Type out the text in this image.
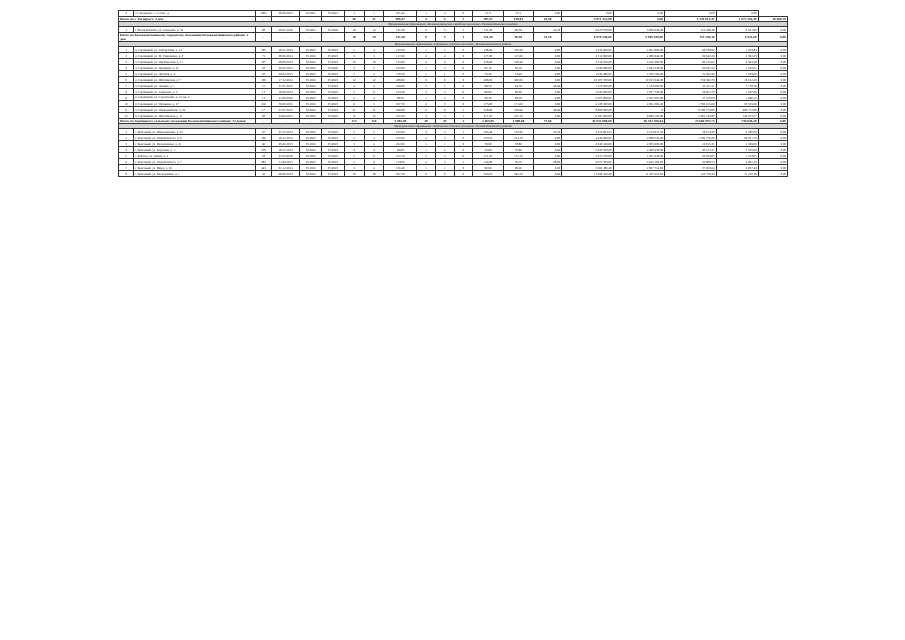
4	ст. Андреево, с. 2, пенс. д.	1963	09.09.2015	IV.2021	IV.2021	-1	1	471,42	1	4	0	51,9	53,1	0,00	0,00	0,00	0,00	0,00	
Итого по г. Таганрогу: 4 дом		-	-	-	-	46	31	906,47	4	5	1	187,51	158,81	18,38	4 971 314,00	0,00	5 129 013,47	1 672 102,49	40 686,79
Муниципальное образование «Белокалитвинское городское поселение» Белокалитвинского района																			
1	г. Белая Калитва, ул. Суворова, д. 54	08	20.01.2016	IV.2021	IV.2020	18	10	131,30	6	5	1	131,30	90,50	32,18	6 070 530,00	5 956 930,00	113 248,36	6 521,60	0,00
Итого по Белокалитвинскому городскому поселению Белокалитвинского района: 1 дом		-	-	-	-	18	10	131,30	6	5	1	131,30	90,50	32,18	6 070 530,00	5 956 930,00	113 248,36	6 521,60	0,00
Муниципальное образование «Горняцкое сельское поселение» Белокалитвинского района																			
1	п. Горняцкий, ул. Аппаратная, д. 12	305	29.11.2014	IV.2022	IV.2023	5	3	150,20	1	2	0	148,40	136,40	0,00	3 345 000,00	2 661 800,00	66 539,92	1 923,84	0,00
2	п. Горняцкий, ул. М. Тимошина, д. 8	71	08.09.2014	IV.2022	IV.2023	5	3	117,60	2	2	0	117,60	117,60	0,00	2 312 900,00	2 286 946,00	69 642,29	2 302,25	0,00
3	п. Горняцкий, ул. Октябрьская, д. 11	107	08.08.2014	IV.2022	IV.2023	16	16	125,60	4	4	0	218,40	218,40	0,00	4 110 240,00	4 242 360,00	82 125,62	4 581,98	0,00
4	п. Горняцкий, ул. Пушкина, д. 22	10	20.02.2015	IV.2022	IV.2020	2	7	165,80	1	2	0	85,10	85,10	0,00	3 046 960,00	2 944 336,00	39 937,24	1 192,61	0,00
5	п. Горняцкий, ул. Луговая, д. 9	25	09.02.2015	IV.2022	IV.2023	2	2	178,10	1	1	0	74,40	74,40	0,00	1 040 480,00	1 035 704,00	31 592,40	1 183,60	0,00
6	п. Горняцкий, ул. Шахтинская, д. 7	199	17.12.2014	IV.2022	IV.2023	12	12	438,00	6	6	0	408,50	408,50	0,00	10 507 700,00	10 315 946,00	334 562,70	18 012,29	0,00
7	п. Горняцкий, ул. Ленина, д. 1	15	27.01.2015	IV.2022	IV.2023	4	4	236,60	3	1	0	88,70	44,70	44,00	1 174 000,00	1 143 000,00	35 311,11	1 178,56	0,00
8	п. Горняцкий, ул. Андреева, д. 3	11	30.09.2014	IV.2022	IV.2023	5	6	104,20	3	3	0	80,90	80,90	0,00	2 045 900,00	2 037 726,00	59 657,79	1 947,66	0,00
9	п. Горняцкий, ул. Строителей, д. 13, кв. 4	11	21.09.2016	IV.2022	IV.2023	2	2	99,30	1	2	0	99,30	99,30	0,00	2 507 000,00	2 497 665,00	37 315,00	1 660,12	0,00
10	п. Горняцкий, ул. Пушкина, д. 17	216	30.09.2015	IV.2022	IV.2023	6	5	227,70	4	5	0	173,00	171,00	0,00	4 128 300,00	2 691 392,45	1 766 915,69	95 525,06	0,00
11	п. Горняцкий, ул. Первомайская, д. 24	17	27.01.2015	IV.2022	IV.2023	21	21	330,60	9	9	1	326,60	230,90	46,00	8 890 900,00	0	8 709 770,00	466 772,88	0,00
12	п. Горняцкий, ул. Шахтинская, д. 11	65	24.09.2015	IV.2022	IV.2023	15	15	311,60	4	5	1	477,10	477,10	0,00	9 181 000,00	6 864 720,00	2 481 145,80	144 974,17	0,00
Итого по Горняцкому сельскому поселению Белокалитвинского района: 12 домов		-	-	-	-	113	116	2 585,40	49	43	2	2 465,09	1 908,08	77,60	42 932 968,00	40 342 106,64	23 660 997,13	749 826,26	0,00
Муниципальное образование «Коксовское сельское поселение» Белокалитвинского района																			
1	г. Коксовый, ул. Шерломанова, д. 25	47	07.12.2014	IV.2022	IV.2023	5	5	195,60	4	3	1	195,40	132,90	22,50	4 222 803,25	4 153 872,54	58 154,58	4 786,39	0,00
2	г. Коксовый, ул. Дзержинского, д. 9	106	29.11.2014	IV.2022	IV.2023	5	5	152,60	2	3	0	153,10	153,10	0,00	4 240 000,00	2 998 236,00	1 799 776,26	66 971,76	0,00
3	г. Коксовый, ул. Молодежная, д. 21	46	05.02.2015	IV.2022	IV.2023	3	2	222,00	1	1	0	78,80	78,80	0,00	2 040 416,00	2 035 900,00	10 615,31	1 340,06	0,00
4	г. Коксовый, ул. Трудовая, д. 1	376	26.11.2014	IV.2022	IV.2023	4	4	94,90	1	2	0	70,80	70,80	0,00	2 434 503,00	2 420 430,00	40 127,21	3 705,69	0,00
5	г. Рыбное, ул. Донец, д. 2	43	07.03.2016	IV.2022	IV.2023	5	6	272,10	2	3	0	171,10	171,10	0,00	2 513 700,00	2 361 430,00	65 034,85	1 553,65	0,00
6	г. Коксовый, ул. Дзержинского, д. 7	483	11.09.2015	IV.2022	IV.2023	5	6	114,90	2	3	1	144,90	76,70	68,00	4 073 303,00	4 042 160,00	30 868,53	4 901,16	0,00
7	г. Коксовый, ул. Мира, д. 16	443	01.12.2014	IV.2022	IV.2023	3	4	156,40	1	1	0	99,90	99,90	0,00	5 002 386,40	4 997 714,04	37 650,64	4 057,44	0,00
8	г. Коксовый, ул. Молодежная, д. 1	45	06.06.2014	IV.2022	IV.2023	18	18	207,30	9	9	0	345,10	345,10	0,00	11 299 410,40	11 255 441,85	122 729,44	11 270,18	0,00
